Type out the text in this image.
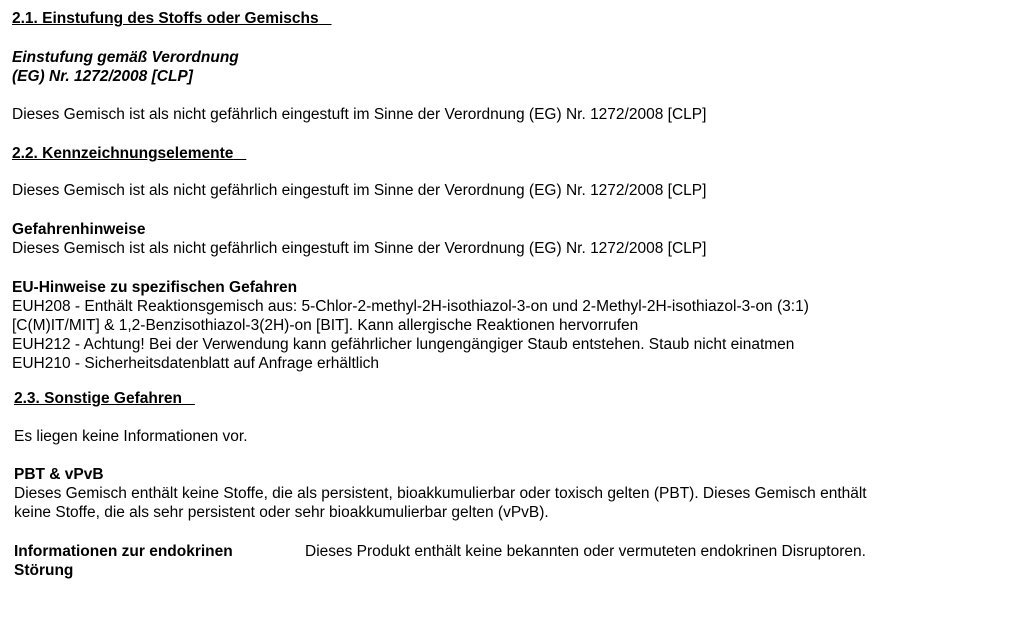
2.1. Einstufung des Stoffs oder Gemischs
Einstufung gemäß Verordnung
(EG) Nr. 1272/2008 [CLP]
Dieses Gemisch ist als nicht gefährlich eingestuft im Sinne der Verordnung (EG) Nr. 1272/2008 [CLP]
2.2. Kennzeichnungselemente
Dieses Gemisch ist als nicht gefährlich eingestuft im Sinne der Verordnung (EG) Nr. 1272/2008 [CLP]
Gefahrenhinweise
Dieses Gemisch ist als nicht gefährlich eingestuft im Sinne der Verordnung (EG) Nr. 1272/2008 [CLP]
EU-Hinweise zu spezifischen Gefahren
EUH208 - Enthält Reaktionsgemisch aus: 5-Chlor-2-methyl-2H-isothiazol-3-on und 2-Methyl-2H-isothiazol-3-on (3:1)
[C(M)IT/MIT] & 1,2-Benzisothiazol-3(2H)-on [BIT]. Kann allergische Reaktionen hervorrufen
EUH212 - Achtung! Bei der Verwendung kann gefährlicher lungengängiger Staub entstehen. Staub nicht einatmen
EUH210 - Sicherheitsdatenblatt auf Anfrage erhältlich
2.3. Sonstige Gefahren
Es liegen keine Informationen vor.
PBT & vPvB
Dieses Gemisch enthält keine Stoffe, die als persistent, bioakkumulierbar oder toxisch gelten (PBT). Dieses Gemisch enthält
keine Stoffe, die als sehr persistent oder sehr bioakkumulierbar gelten (vPvB).
Informationen zur endokrinen
Störung
Dieses Produkt enthält keine bekannten oder vermuteten endokrinen Disruptoren.
